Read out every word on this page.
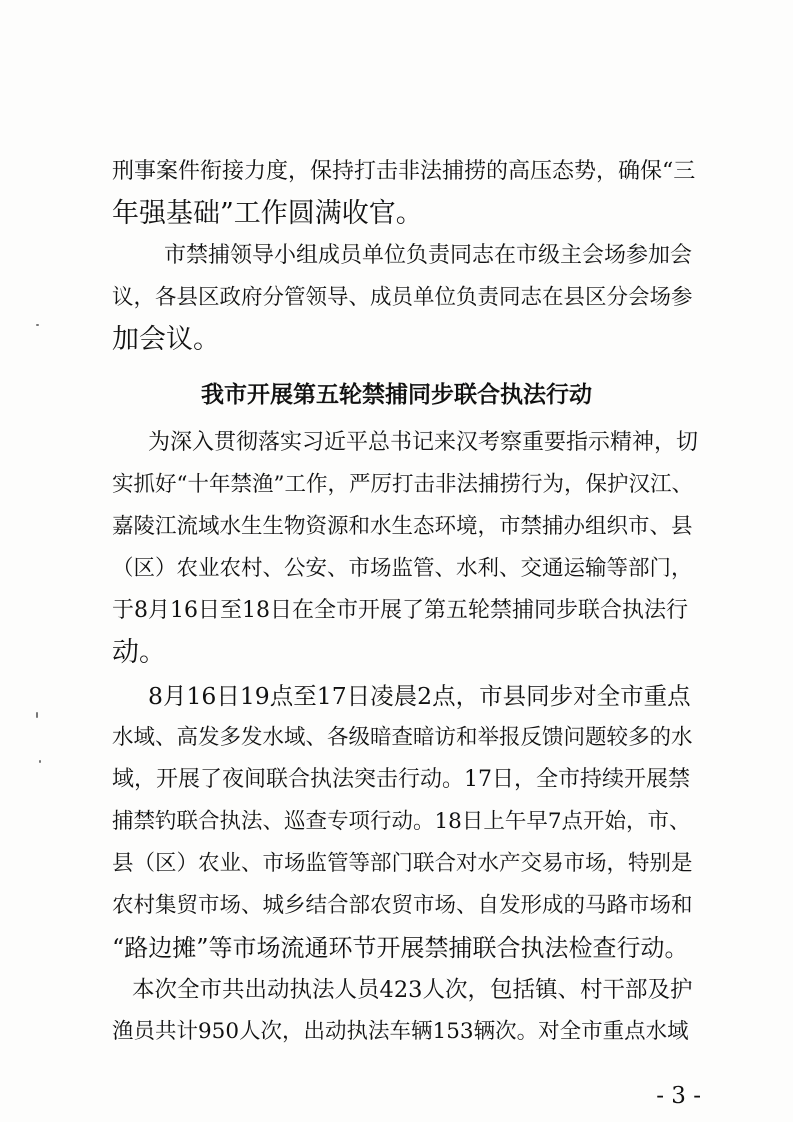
刑事案件衔接力度，保持打击非法捕捞的高压态势，确保“三
年强基础”工作圆满收官。
市禁捕领导小组成员单位负责同志在市级主会场参加会
议，各县区政府分管领导、成员单位负责同志在县区分会场参
加会议。
我市开展第五轮禁捕同步联合执法行动
为深入贯彻落实习近平总书记来汉考察重要指示精神，切
实抓好“十年禁渔”工作，严厉打击非法捕捞行为，保护汉江、
嘉陵江流域水生生物资源和水生态环境，市禁捕办组织市、县
（区）农业农村、公安、市场监管、水利、交通运输等部门，
于8月16日至18日在全市开展了第五轮禁捕同步联合执法行
动。
8月16日19点至17日凌晨2点，市县同步对全市重点
水域、高发多发水域、各级暗查暗访和举报反馈问题较多的水
域，开展了夜间联合执法突击行动。17日，全市持续开展禁
捕禁钓联合执法、巡查专项行动。18日上午早7点开始，市、
县（区）农业、市场监管等部门联合对水产交易市场，特别是
农村集贸市场、城乡结合部农贸市场、自发形成的马路市场和
“路边摊”等市场流通环节开展禁捕联合执法检查行动。
本次全市共出动执法人员423人次，包括镇、村干部及护
渔员共计950人次，出动执法车辆153辆次。对全市重点水域
- 3 -
